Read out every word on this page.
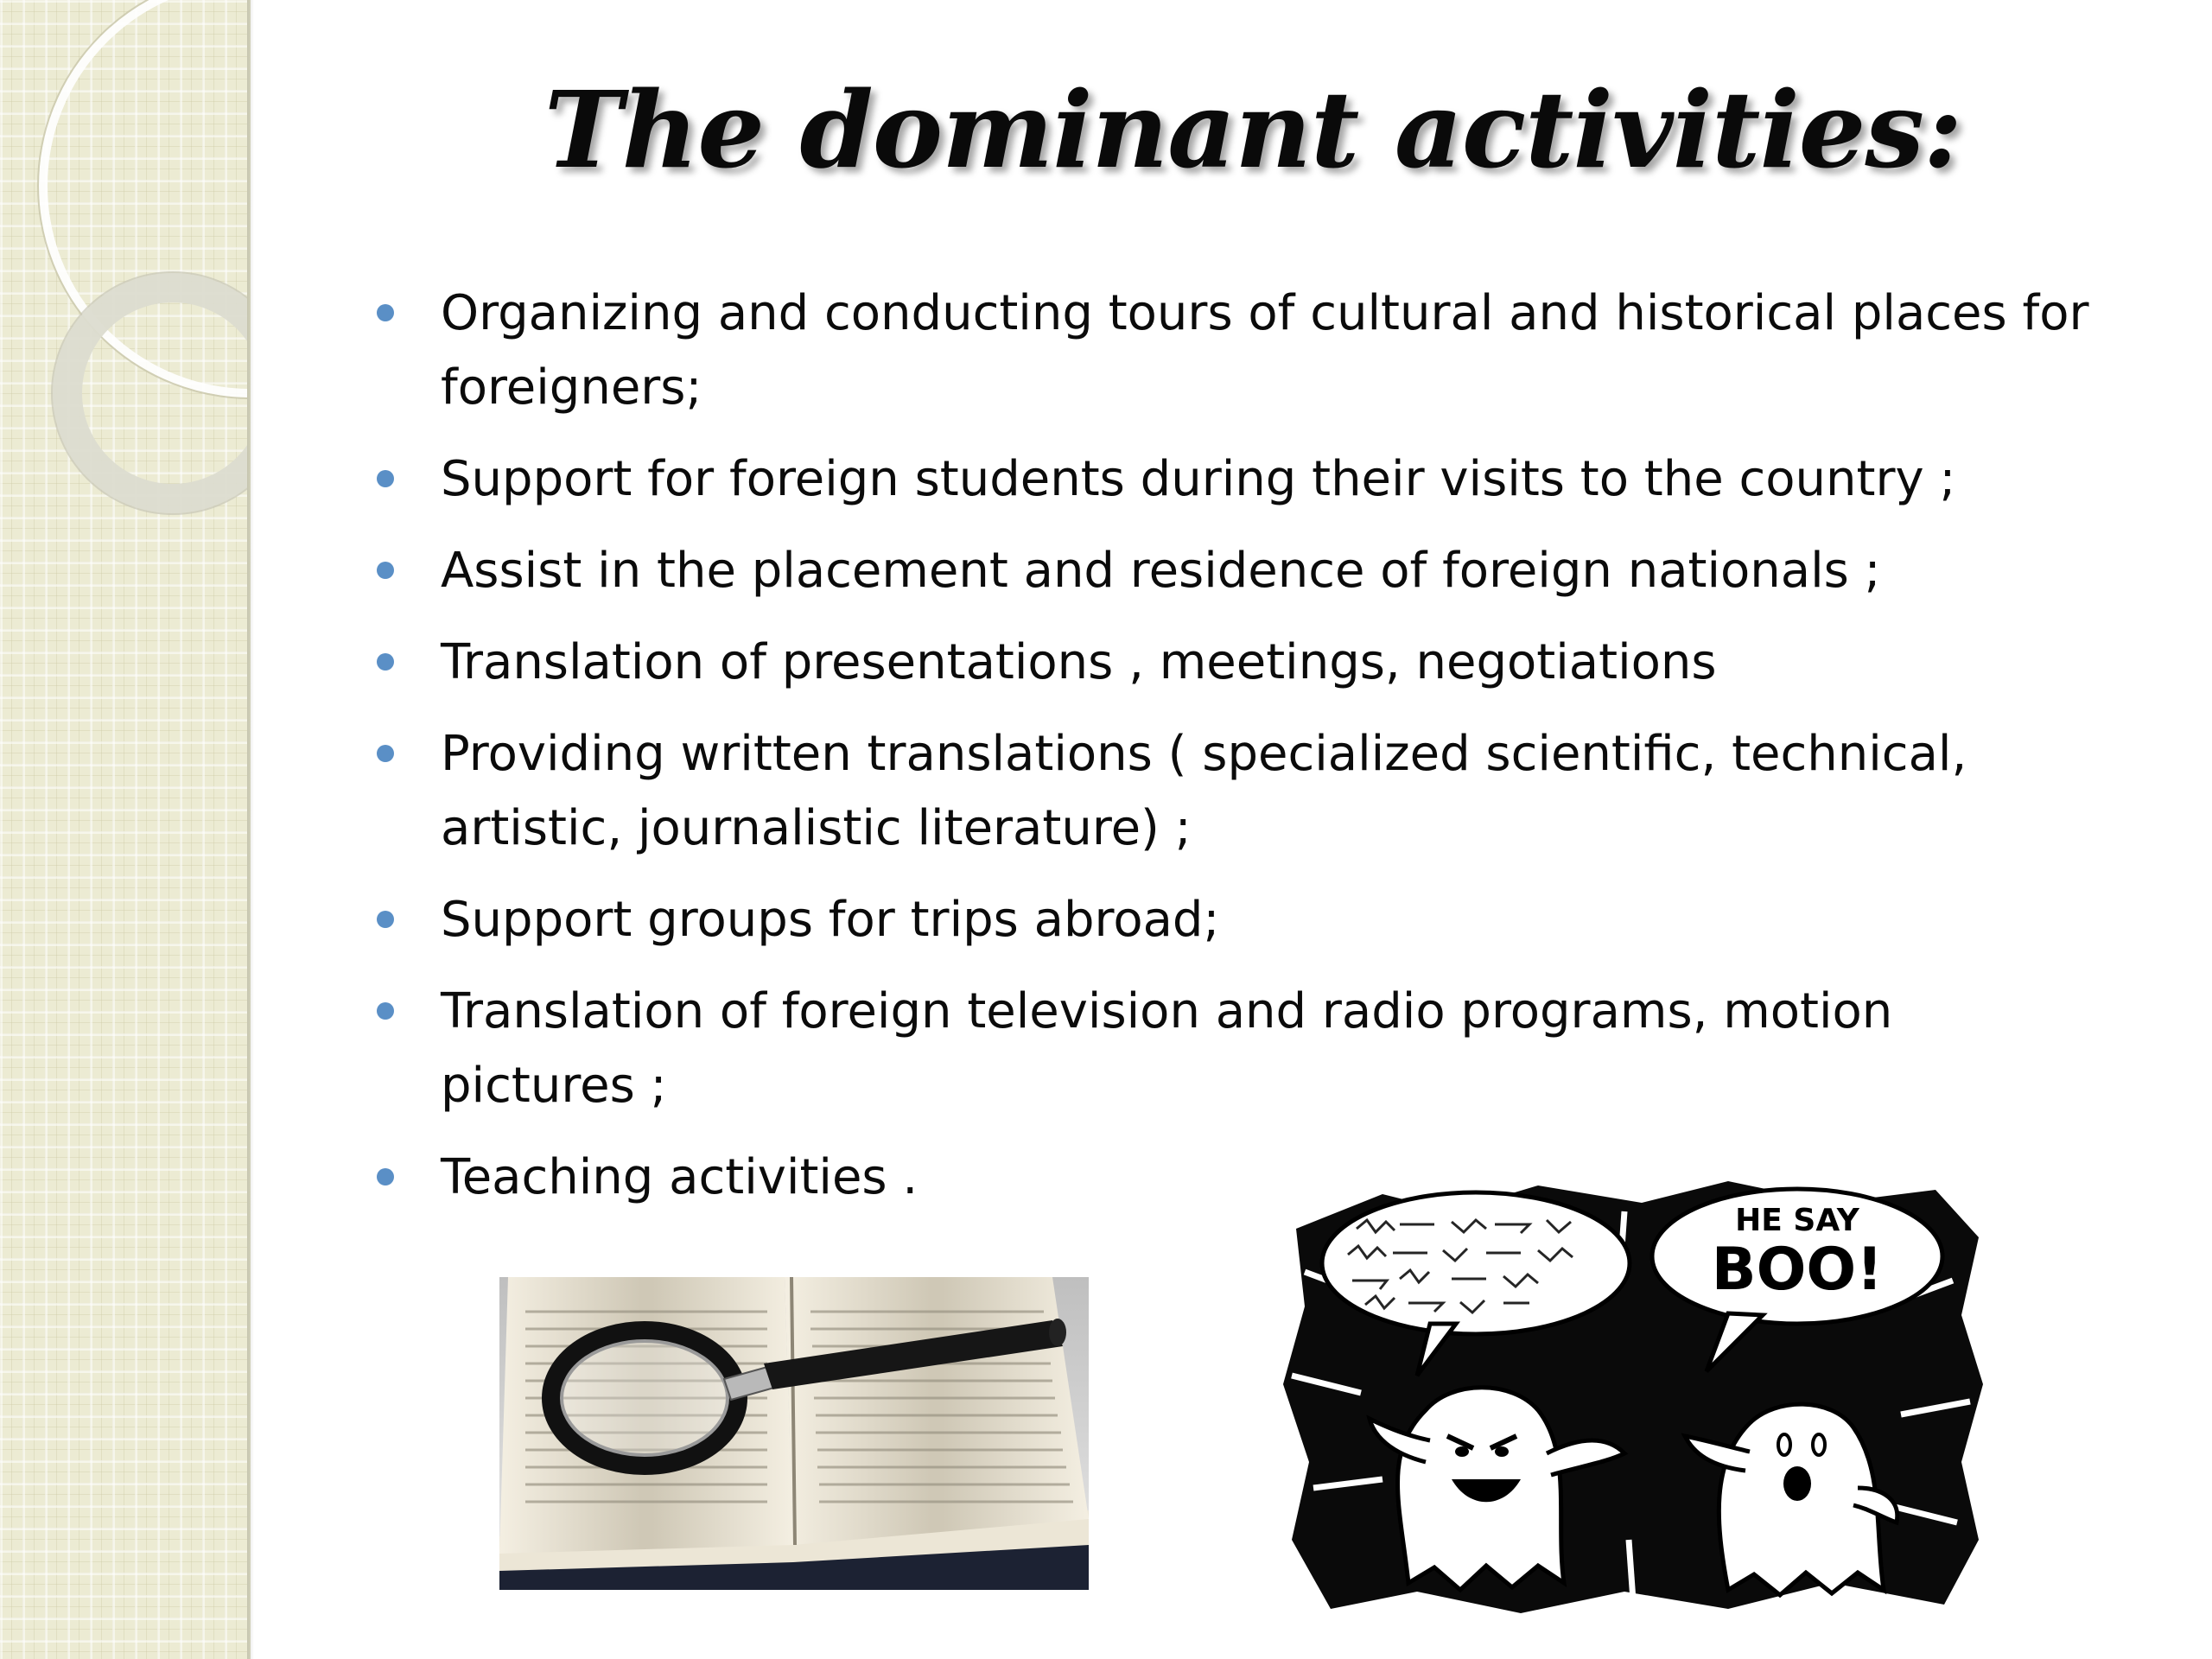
The dominant activities:
Organizing and conducting tours of cultural and historical places for foreigners;
Support for foreign students during their visits to the country ;
Assist in the placement and residence of foreign nationals ;
Translation of presentations , meetings, negotiations
Providing written translations ( specialized scientific, technical, artistic, journalistic literature) ;
Support groups for trips abroad;
Translation of foreign television and radio programs, motion pictures ;
Teaching activities .
HE SAY
BOO!
